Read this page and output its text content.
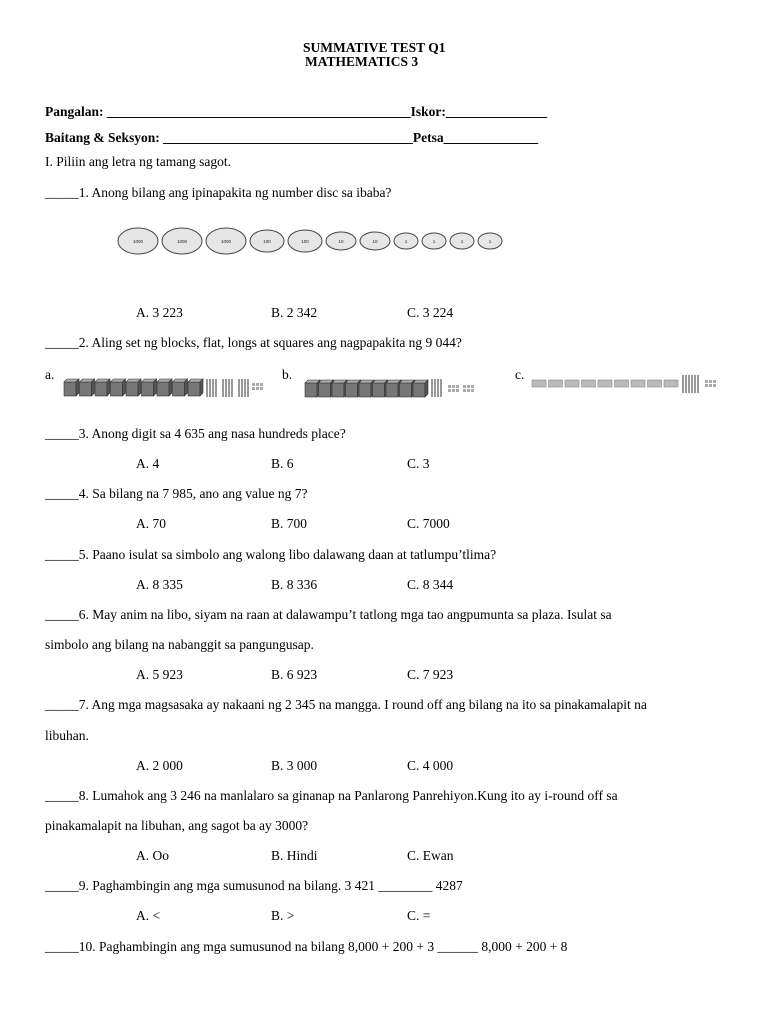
SUMMATIVE TEST Q1
MATHEMATICS 3
Pangalan: _____________________________________________Iskor:_______________
Baitang & Seksyon: _____________________________________Petsa______________
I. Piliin ang letra ng tamang sagot.
_____1. Anong bilang ang ipinapakita ng number disc sa ibaba?
1000	1000	1000	100	100	10	10	1	1	1	1
A. 3 223	B. 2 342	C. 3 224
_____2. Aling set ng blocks, flat, longs at squares ang nagpapakita ng 9 044?
a.	b.	c.
_____3. Anong digit sa 4 635 ang nasa hundreds place?
A. 4	B. 6	C. 3
_____4. Sa bilang na 7 985, ano ang value ng 7?
A. 70	B. 700	C. 7000
_____5. Paano isulat sa simbolo ang walong libo dalawang daan at tatlumpu’tlima?
A. 8 335	B. 8 336	C. 8 344
_____6. May anim na libo, siyam na raan at dalawampu’t tatlong mga tao angpumunta sa plaza. Isulat sa
simbolo ang bilang na nabanggit sa pangungusap.
A. 5 923	B. 6 923	C. 7 923
_____7. Ang mga magsasaka ay nakaani ng 2 345 na mangga. I round off ang bilang na ito sa pinakamalapit na
libuhan.
A. 2 000	B. 3 000	C. 4 000
_____8. Lumahok ang 3 246 na manlalaro sa ginanap na Panlarong Panrehiyon.Kung ito ay i-round off sa
pinakamalapit na libuhan, ang sagot ba ay 3000?
A. Oo	B. Hindi	C. Ewan
_____9. Paghambingin ang mga sumusunod na bilang. 3 421 ________ 4287
A. <	B. >	C. =
_____10. Paghambingin ang mga sumusunod na bilang 8,000 + 200 + 3 ______ 8,000 + 200 + 8
